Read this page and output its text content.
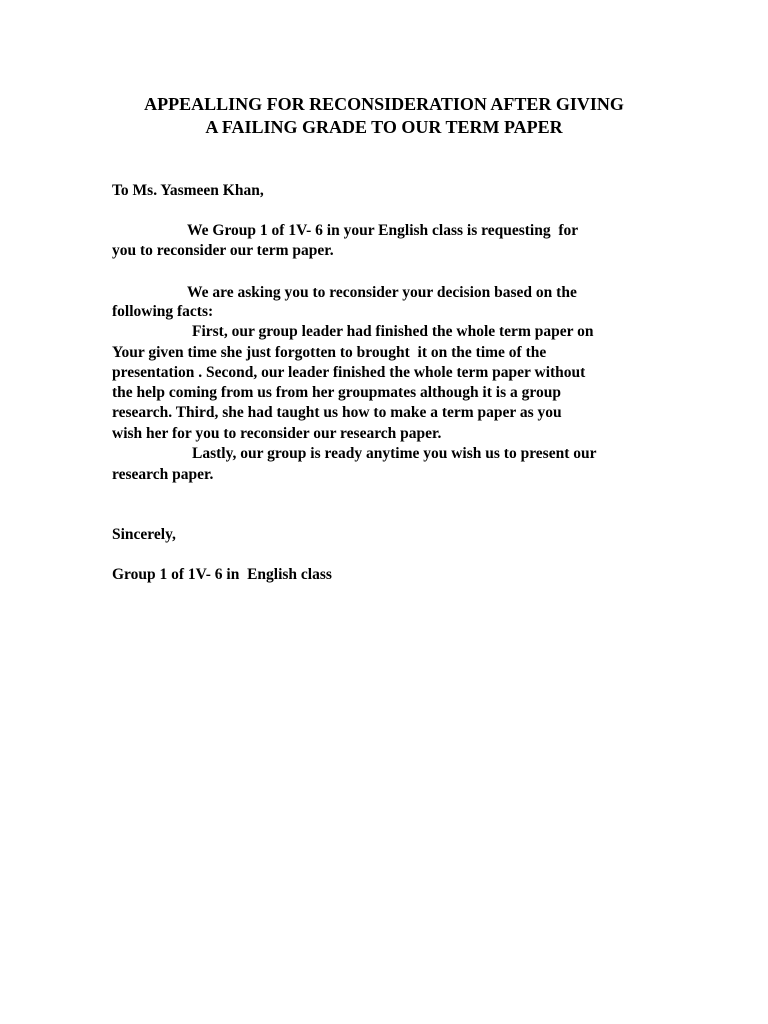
APPEALLING FOR RECONSIDERATION AFTER GIVING
A FAILING GRADE TO OUR TERM PAPER
To Ms. Yasmeen Khan,
We Group 1 of 1V- 6 in your English class is requesting  for
you to reconsider our term paper.
We are asking you to reconsider your decision based on the
following facts:
First, our group leader had finished the whole term paper on
Your given time she just forgotten to brought  it on the time of the
presentation . Second, our leader finished the whole term paper without
the help coming from us from her groupmates although it is a group
research. Third, she had taught us how to make a term paper as you
wish her for you to reconsider our research paper.
Lastly, our group is ready anytime you wish us to present our
research paper.
Sincerely,
Group 1 of 1V- 6 in  English class
